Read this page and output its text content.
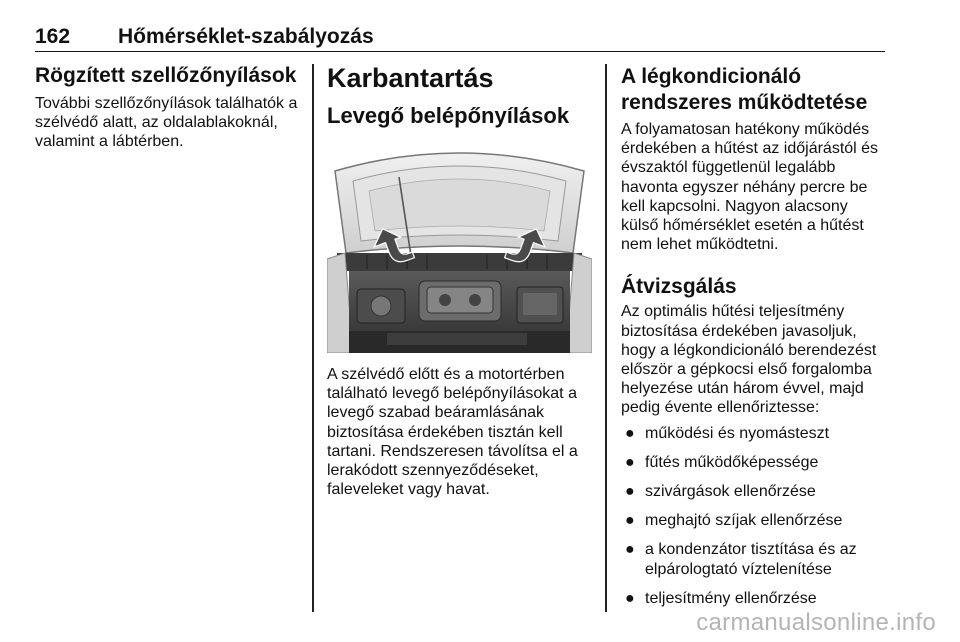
162 Hőmérséklet-szabályozás
Rögzített szellőzőnyílások

További szellőzőnyílások találhatók a szélvédő alatt, az oldalablakoknál, valamint a lábtérben.

Karbantartás
Levegő belépőnyílások

A szélvédő előtt és a motortérben található levegő belépőnyílásokat a levegő szabad beáramlásának biztosítása érdekében tisztán kell tartani. Rendszeresen távolítsa el a lerakódott szennyeződéseket, faleveleket vagy havat.

A légkondicionáló rendszeres működtetése

A folyamatosan hatékony működés érdekében a hűtést az időjárástól és évszaktól függetlenül legalább havonta egyszer néhány percre be kell kapcsolni. Nagyon alacsony külső hőmérséklet esetén a hűtést nem lehet működtetni.

Átvizsgálás

Az optimális hűtési teljesítmény biztosítása érdekében javasoljuk, hogy a légkondicionáló berendezést először a gépkocsi első forgalomba helyezése után három évvel, majd pedig évente ellenőriztesse:

● működési és nyomásteszt
● fűtés működőképessége
● szivárgások ellenőrzése
● meghajtó szíjak ellenőrzése
● a kondenzátor tisztítása és az elpárologtató víztelenítése
● teljesítmény ellenőrzése
carmanualsonline.info
